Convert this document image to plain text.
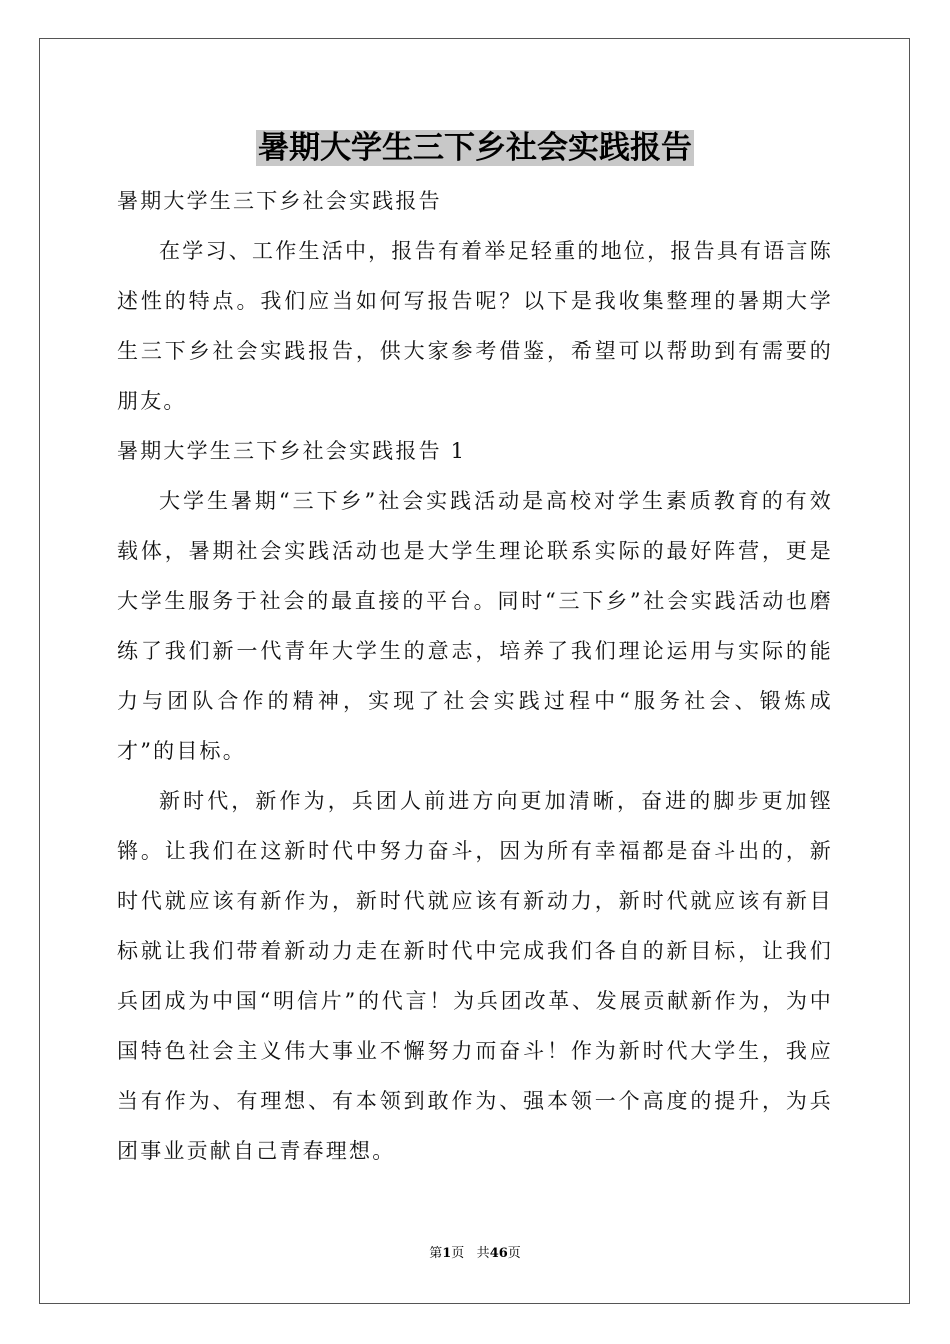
暑期大学生三下乡社会实践报告

暑期大学生三下乡社会实践报告

在学习、工作生活中，报告有着举足轻重的地位，报告具有语言陈述性的特点。我们应当如何写报告呢？以下是我收集整理的暑期大学生三下乡社会实践报告，供大家参考借鉴，希望可以帮助到有需要的朋友。

暑期大学生三下乡社会实践报告 1

大学生暑期“三下乡”社会实践活动是高校对学生素质教育的有效载体，暑期社会实践活动也是大学生理论联系实际的最好阵营，更是大学生服务于社会的最直接的平台。同时“三下乡”社会实践活动也磨练了我们新一代青年大学生的意志，培养了我们理论运用与实际的能力与团队合作的精神，实现了社会实践过程中“服务社会、锻炼成才”的目标。

新时代，新作为，兵团人前进方向更加清晰，奋进的脚步更加铿锵。让我们在这新时代中努力奋斗，因为所有幸福都是奋斗出的，新时代就应该有新作为，新时代就应该有新动力，新时代就应该有新目标就让我们带着新动力走在新时代中完成我们各自的新目标，让我们兵团成为中国“明信片”的代言！为兵团改革、发展贡献新作为，为中国特色社会主义伟大事业不懈努力而奋斗！作为新时代大学生，我应当有作为、有理想、有本领到敢作为、强本领一个高度的提升，为兵团事业贡献自己青春理想。

第1页 共46页
